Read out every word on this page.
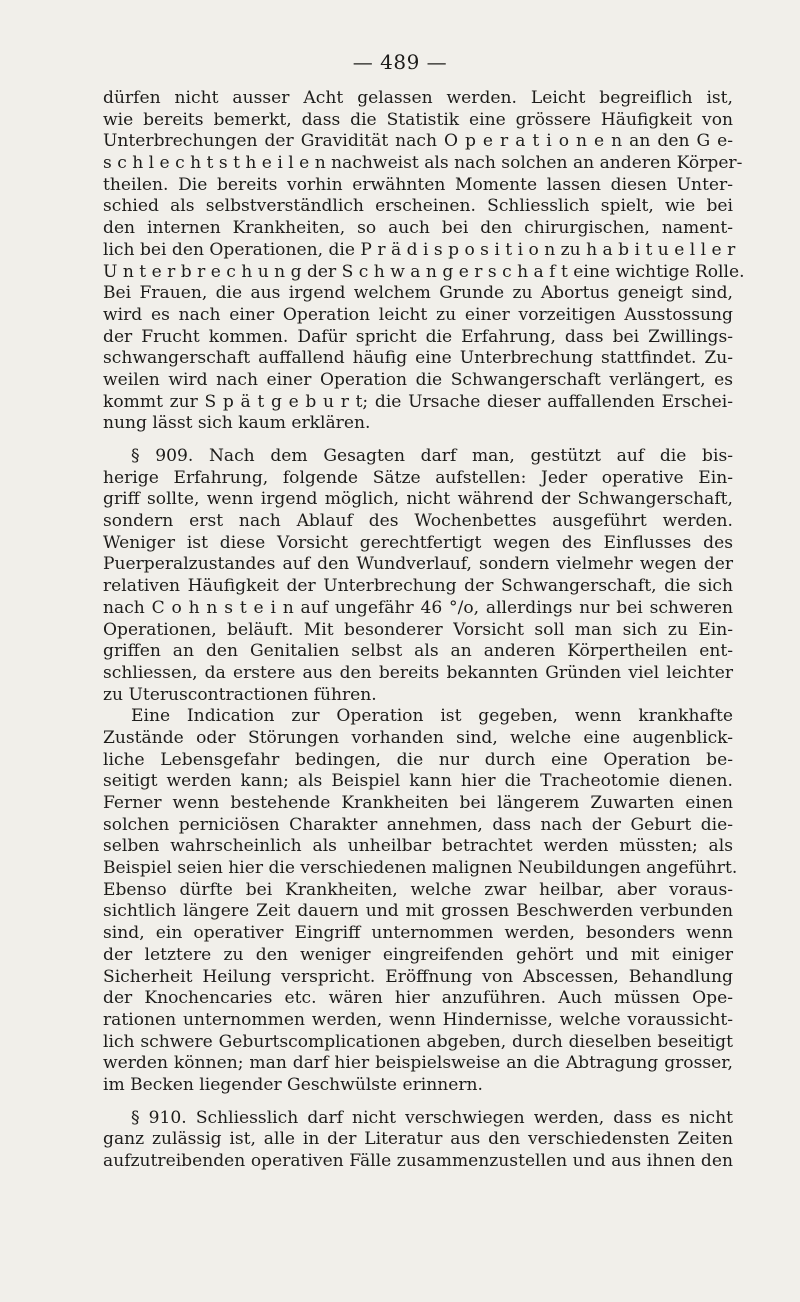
— 489 —
dürfen nicht ausser Acht gelassen werden. Leicht begreiflich ist,
wie bereits bemerkt, dass die Statistik eine grössere Häufigkeit von
Unterbrechungen der Gravidität nach O p e r a t i o n e n an den G e-
s c h l e c h t s t h e i l e n nachweist als nach solchen an anderen Körper-
theilen. Die bereits vorhin erwähnten Momente lassen diesen Unter-
schied als selbstverständlich erscheinen. Schliesslich spielt, wie bei
den internen Krankheiten, so auch bei den chirurgischen, nament-
lich bei den Operationen, die P r ä d i s p o s i t i o n zu h a b i t u e l l e r
U n t e r b r e c h u n g der S c h w a n g e r s c h a f t eine wichtige Rolle.
Bei Frauen, die aus irgend welchem Grunde zu Abortus geneigt sind,
wird es nach einer Operation leicht zu einer vorzeitigen Ausstossung
der Frucht kommen. Dafür spricht die Erfahrung, dass bei Zwillings-
schwangerschaft auffallend häufig eine Unterbrechung stattfindet. Zu-
weilen wird nach einer Operation die Schwangerschaft verlängert, es
kommt zur S p ä t g e b u r t; die Ursache dieser auffallenden Erschei-
nung lässt sich kaum erklären.
§ 909. Nach dem Gesagten darf man, gestützt auf die bis-
herige Erfahrung, folgende Sätze aufstellen: Jeder operative Ein-
griff sollte, wenn irgend möglich, nicht während der Schwangerschaft,
sondern erst nach Ablauf des Wochenbettes ausgeführt werden.
Weniger ist diese Vorsicht gerechtfertigt wegen des Einflusses des
Puerperalzustandes auf den Wundverlauf, sondern vielmehr wegen der
relativen Häufigkeit der Unterbrechung der Schwangerschaft, die sich
nach C o h n s t e i n auf ungefähr 46 °/o, allerdings nur bei schweren
Operationen, beläuft. Mit besonderer Vorsicht soll man sich zu Ein-
griffen an den Genitalien selbst als an anderen Körpertheilen ent-
schliessen, da erstere aus den bereits bekannten Gründen viel leichter
zu Uteruscontractionen führen.
Eine Indication zur Operation ist gegeben, wenn krankhafte
Zustände oder Störungen vorhanden sind, welche eine augenblick-
liche Lebensgefahr bedingen, die nur durch eine Operation be-
seitigt werden kann; als Beispiel kann hier die Tracheotomie dienen.
Ferner wenn bestehende Krankheiten bei längerem Zuwarten einen
solchen perniciösen Charakter annehmen, dass nach der Geburt die-
selben wahrscheinlich als unheilbar betrachtet werden müssten; als
Beispiel seien hier die verschiedenen malignen Neubildungen angeführt.
Ebenso dürfte bei Krankheiten, welche zwar heilbar, aber voraus-
sichtlich längere Zeit dauern und mit grossen Beschwerden verbunden
sind, ein operativer Eingriff unternommen werden, besonders wenn
der letztere zu den weniger eingreifenden gehört und mit einiger
Sicherheit Heilung verspricht. Eröffnung von Abscessen, Behandlung
der Knochencaries etc. wären hier anzuführen. Auch müssen Ope-
rationen unternommen werden, wenn Hindernisse, welche voraussicht-
lich schwere Geburtscomplicationen abgeben, durch dieselben beseitigt
werden können; man darf hier beispielsweise an die Abtragung grosser,
im Becken liegender Geschwülste erinnern.
§ 910. Schliesslich darf nicht verschwiegen werden, dass es nicht
ganz zulässig ist, alle in der Literatur aus den verschiedensten Zeiten
aufzutreibenden operativen Fälle zusammenzustellen und aus ihnen den
